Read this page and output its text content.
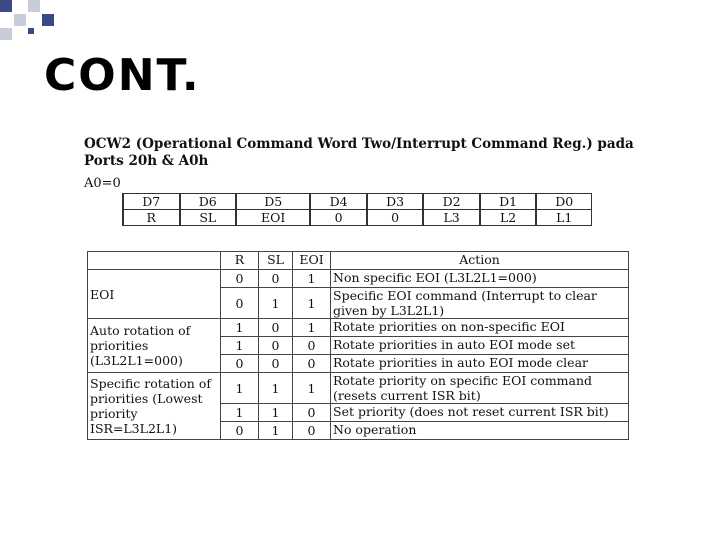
CONT.
OCW2 (Operational Command Word Two/Interrupt Command Reg.) pada Ports 20h & A0h
A0=0
D7	D6	D5	D4	D3	D2	D1	D0
R	SL	EOI	0	0	L3	L2	L1
	R	SL	EOI	Action
EOI	0	0	1	Non specific EOI (L3L2L1=000)
	0	1	1	Specific EOI command (Interrupt to clear given by L3L2L1)
Auto rotation of priorities (L3L2L1=000)	1	0	1	Rotate priorities on non-specific EOI
	1	0	0	Rotate priorities in auto EOI mode set
	0	0	0	Rotate priorities in auto EOI mode clear
Specific rotation of priorities (Lowest priority ISR=L3L2L1)	1	1	1	Rotate priority on specific EOI command (resets current ISR bit)
	1	1	0	Set priority (does not reset current ISR bit)
	0	1	0	No operation
